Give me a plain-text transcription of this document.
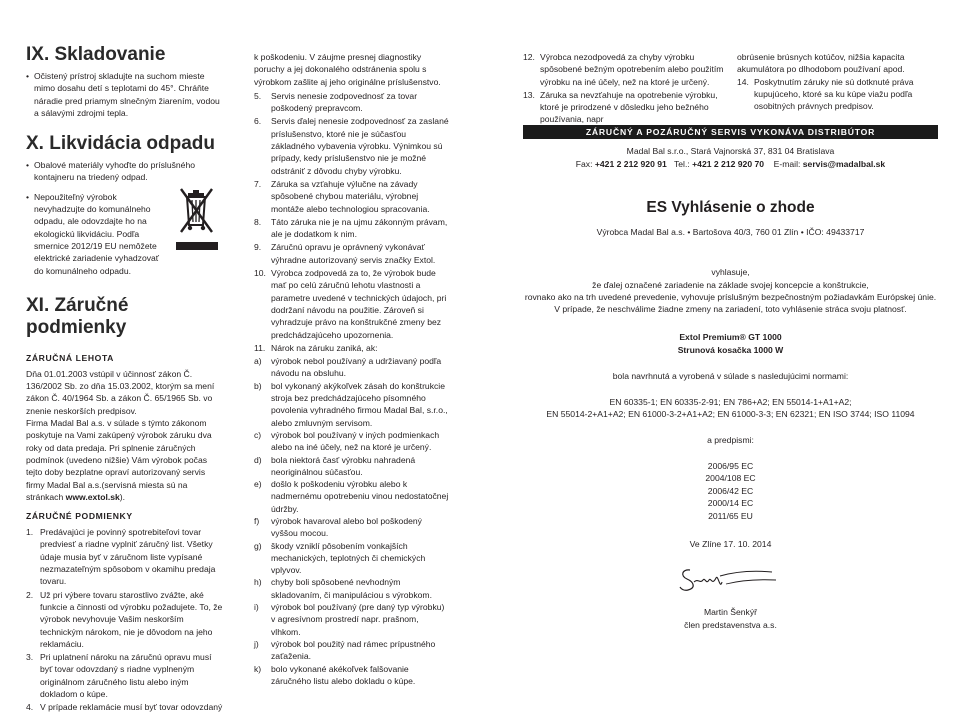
IX. Skladovanie
• Očistený prístroj skladujte na suchom mieste mimo dosahu detí s teplotami do 45°. Chráňte náradie pred priamym slnečným žiarením, vodou a sálavými zdrojmi tepla.
X. Likvidácia odpadu
• Obalové materiály vyhoďte do príslušného kontajneru na triedený odpad.
• Nepoužiteľný výrobok nevyhadzujte do komunálneho odpadu, ale odovzdajte ho na ekologickú likvidáciu. Podľa smernice 2012/19 EU nemôžete elektrické zariadenie vyhadzovať do komunálneho odpadu.
XI. Záručné podmienky
ZÁRUČNÁ LEHOTA
Dňa 01.01.2003 vstúpil v účinnosť zákon Č. 136/2002 Sb. zo dňa 15.03.2002, ktorým sa mení zákon Č. 40/1964 Sb. a zákon Č. 65/1965 Sb. vo znenie neskorších predpisov.
Firma Madal Bal a.s. v súlade s týmto zákonom poskytuje na Vami zakúpený výrobok záruku dva roky od data predaja. Pri splnenie záručných podmínok (uvedeno nižšie) Vám výrobok počas tejto doby bezplatne opraví autorizovaný servis firmy Madal Bal a.s.(servisná miesta sú na stránkach www.extol.sk).
ZÁRUČNÉ PODMIENKY
1. Predávajúci je povinný spotrebiteľovi tovar predviesť a riadne vyplniť záručný list. Všetky údaje musia byť v záručnom liste vypísané nezmazateľným spôsobom v okamihu predaja tovaru.
2. Už pri výbere tovaru starostlivo zvážte, aké funkcie a činnosti od výrobku požadujete. To, že výrobok nevyhovuje Vašim neskorším technickým nárokom, nie je dôvodom na jeho reklamáciu.
3. Pri uplatnení nároku na záručnú opravu musí byť tovar odovzdaný s riadne vyplneným originálnom záručného listu alebo iným dokladom o kúpe.
4. V prípade reklamácie musí byť tovar odovzdaný
k poškodeniu. V záujme presnej diagnostiky poruchy a jej dokonalého odstránenia spolu s výrobkom zašlite aj jeho originálne príslušenstvo.
5. Servis nenesie zodpovednosť za tovar poškodený prepravcom.
6. Servis ďalej nenesie zodpovednosť za zaslané príslušenstvo, ktoré nie je súčasťou základného vybavenia výrobku. Výnimkou sú prípady, kedy príslušenstvo nie je možné odstrániť z dôvodu chyby výrobku.
7. Záruka sa vzťahuje výlučne na závady spôsobené chybou materiálu, výrobnej montáže alebo technologiou spracovania.
8. Táto záruka nie je na ujmu zákonným právam, ale je dodatkom k nim.
9. Záručnú opravu je oprávnený vykonávať výhradne autorizovaný servis značky Extol.
10. Výrobca zodpovedá za to, že výrobok bude mať po celú záručnú lehotu vlastnosti a parametre uvedené v technických údajoch, pri dodržaní návodu na použitie. Zároveň si vyhradzuje právo na konštrukčné zmeny bez predchádzajúceho upozornenia.
11. Nárok na záruku zaniká, ak:
a) výrobok nebol používaný a udržiavaný podľa návodu na obsluhu.
b) bol vykonaný akýkoľvek zásah do konštrukcie stroja bez predchádzajúceho písomného povolenia vyhradného firmou Madal Bal, s.r.o., alebo zmluvným servisom.
c) výrobok bol používaný v iných podmienkach alebo na iné účely, než na ktoré je určený.
d) bola niektorá časť výrobku nahradená neoriginálnou súčasťou.
e) došlo k poškodeniu výrobku alebo k nadmernému opotrebeniu vinou nedostatočnej údržby.
f) výrobok havaroval alebo bol poškodený vyššou mocou.
g) škody vzniklí pôsobením vonkajších mechanických, teplotných či chemických vplyvov.
h) chyby boli spôsobené nevhodným skladovaním, či manipuláciou s výrobkom.
i) výrobok bol používaný (pre daný typ výrobku) v agresívnom prostredí napr. prašnom, vlhkom.
j) výrobok bol použitý nad rámec prípustného zaťaženia.
k) bolo vykonané akékoľvek falšovanie záručného listu alebo dokladu o kúpe.
12. Výrobca nezodpovedá za chyby výrobku spôsobené bežným opotrebením alebo použitím výrobku na iné účely, než na ktoré je určený.
13. Záruka sa nevzťahuje na opotrebenie výrobku, ktoré je prirodzené v dôsledku jeho bežného používania, napr
obrúsenie brúsnych kotúčov, nižšia kapacita akumulátora po dlhodobom používaní apod.
14. Poskytnutím záruky nie sú dotknuté práva kupujúceho, ktoré sa ku kúpe viažu podľa osobitných právnych predpisov.
ZÁRUČNÝ A POZÁRUČNÝ SERVIS VYKONÁVA DISTRIBÚTOR
Madal Bal s.r.o., Stará Vajnorská 37, 831 04 Bratislava
Fax: +421 2 212 920 91 Tel.: +421 2 212 920 70 E-mail: servis@madalbal.sk
ES Vyhlásenie o zhode
Výrobca Madal Bal a.s. • Bartošova 40/3, 760 01 Zlín • IČO: 49433717
vyhlasuje,
že ďalej označené zariadenie na základe svojej koncepcie a konštrukcie,
rovnako ako na trh uvedené prevedenie, vyhovuje príslušným bezpečnostným požiadavkám Európskej únie.
V prípade, že neschválime žiadne zmeny na zariadení, toto vyhlásenie stráca svoju platnosť.
Extol Premium® GT 1000
Strunová kosačka 1000 W
bola navrhnutá a vyrobená v súlade s nasledujúcimi normami:
EN 60335-1; EN 60335-2-91; EN 786+A2; EN 55014-1+A1+A2;
EN 55014-2+A1+A2; EN 61000-3-2+A1+A2; EN 61000-3-3; EN 62321; EN ISO 3744; ISO 11094
a predpismi:
2006/95 EC
2004/108 EC
2006/42 EC
2000/14 EC
2011/65 EU
Ve Zlíne 17. 10. 2014
Martin Šenkýř
člen predstavenstva a.s.
